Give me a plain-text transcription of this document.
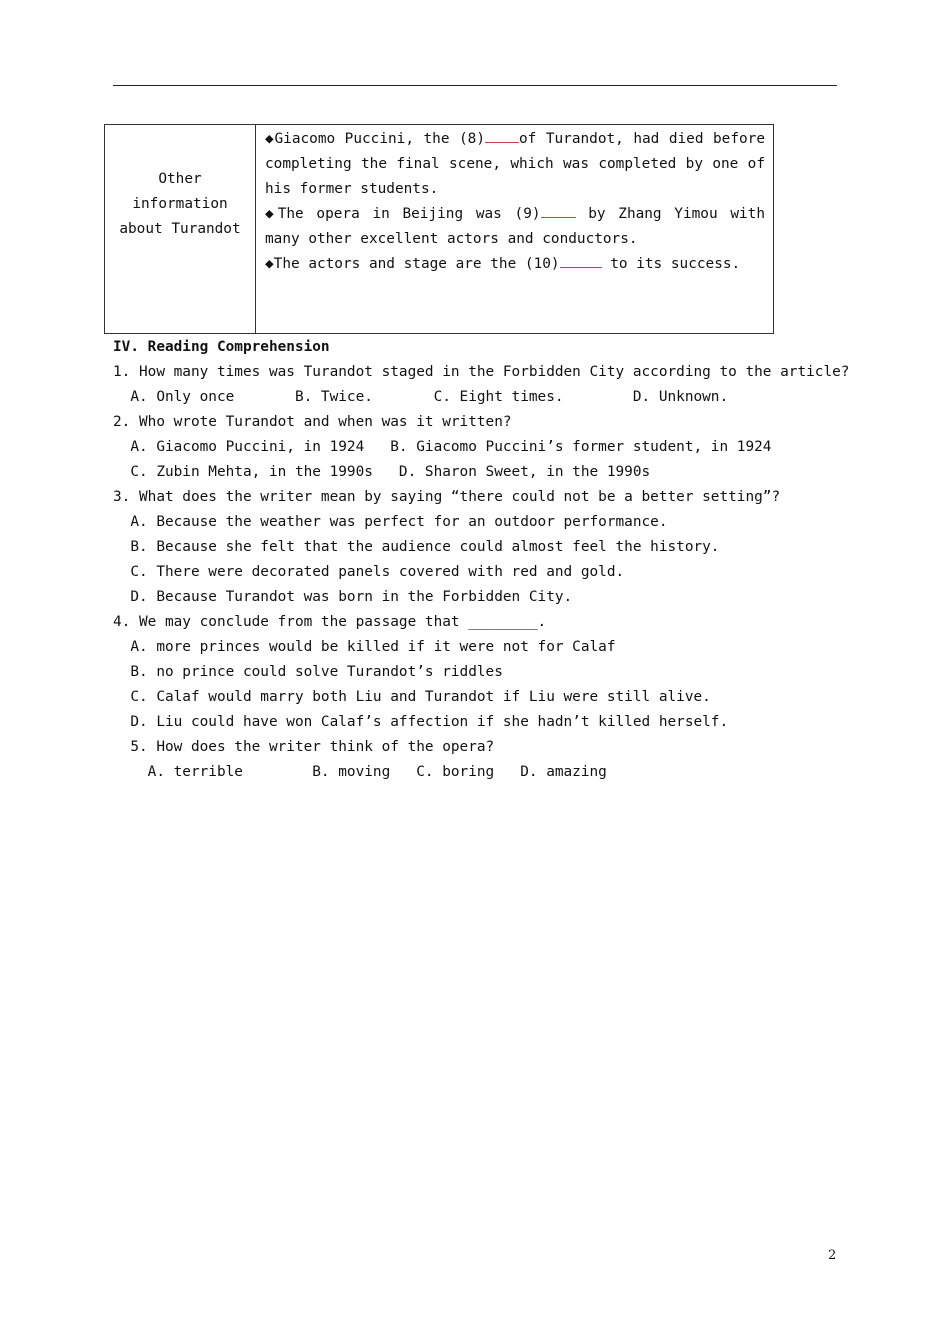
Other
information
about Turandot

◆Giacomo Puccini, the (8) of Turandot, had died before completing the final scene, which was completed by one of his former students.
◆The opera in Beijing was (9) by Zhang Yimou with many other excellent actors and conductors.
◆The actors and stage are the (10)	to its success.
IV. Reading Comprehension
1. How many times was Turandot staged in the Forbidden City according to the article?
A. Only once       B. Twice.       C. Eight times.        D. Unknown.
2. Who wrote Turandot and when was it written?
A. Giacomo Puccini, in 1924   B. Giacomo Puccini’s former student, in 1924
C. Zubin Mehta, in the 1990s   D. Sharon Sweet, in the 1990s
3. What does the writer mean by saying “there could not be a better setting”?
A. Because the weather was perfect for an outdoor performance.
B. Because she felt that the audience could almost feel the history.
C. There were decorated panels covered with red and gold.
D. Because Turandot was born in the Forbidden City.
4. We may conclude from the passage that ________.
A. more princes would be killed if it were not for Calaf
B. no prince could solve Turandot’s riddles
C. Calaf would marry both Liu and Turandot if Liu were still alive.
D. Liu could have won Calaf’s affection if she hadn’t killed herself.
5. How does the writer think of the opera?
A. terrible        B. moving   C. boring   D. amazing
2
